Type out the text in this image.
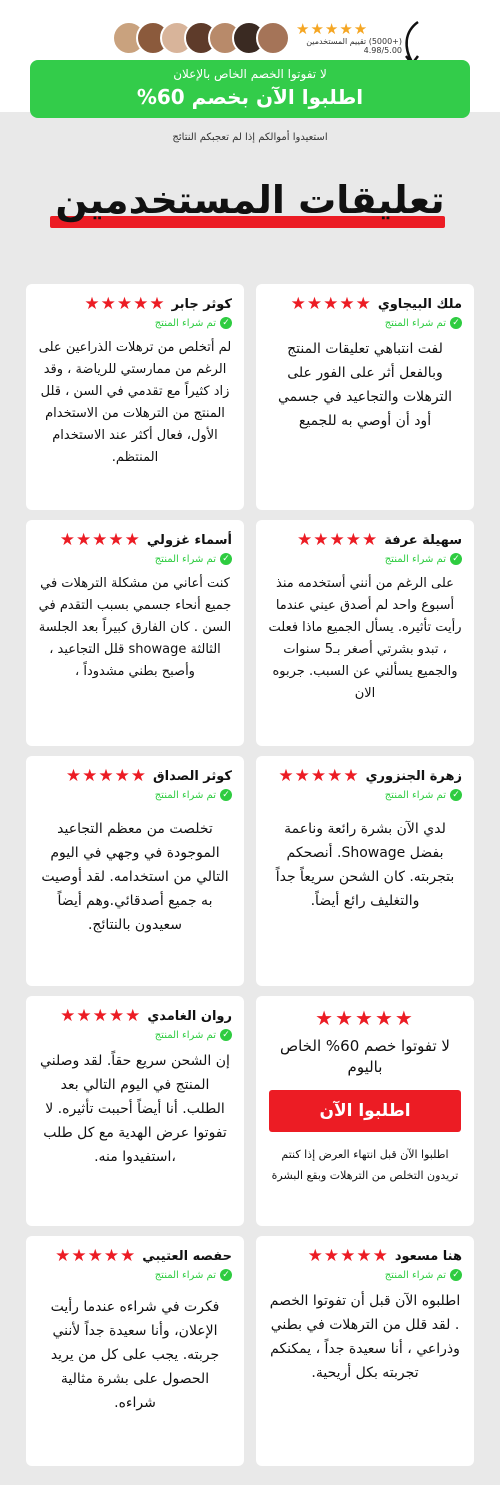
★★★★★
(+5000) تقييم المستخدمين 4.98/5.00
لا تفوتوا الخصم الخاص بالإعلان
اطلبوا الآن بخصم 60%
استعيدوا أموالكم إذا لم تعجبكم النتائج
تعليقات المستخدمين
ملك البيجاوي
★★★★★
✓
تم شراء المنتج
لفت انتباهي تعليقات المنتج وبالفعل أثر على الفور على الترهلات والتجاعيد في جسمي أود أن أوصي به للجميع
كوثر جابر
★★★★★
✓
تم شراء المنتج
لم أتخلص من ترهلات الذراعين على الرغم من ممارستي للرياضة ، وقد زاد كثيراً مع تقدمي في السن ، قلل المنتج من الترهلات من الاستخدام الأول، فعال أكثر عند الاستخدام المنتظم.
سهيلة عرفة
★★★★★
✓
تم شراء المنتج
على الرغم من أنني أستخدمه منذ أسبوع واحد لم أصدق عيني عندما رأيت تأثيره. يسأل الجميع ماذا فعلت ، تبدو بشرتي أصغر بـ5 سنوات والجميع يسألني عن السبب. جربوه الان
أسماء غزولي
★★★★★
✓
تم شراء المنتج
كنت أعاني من مشكلة الترهلات في جميع أنحاء جسمي بسبب التقدم في السن . كان الفارق كبيراً بعد الجلسة الثالثة showage قلل التجاعيد ، وأصبح بطني مشدوداً ،
زهرة الجنزوري
★★★★★
✓
تم شراء المنتج
لدي الآن بشرة رائعة وناعمة بفضل Showage. أنصحكم بتجربته. كان الشحن سريعاً جداً والتغليف رائع أيضاً.
كوثر الصداق
★★★★★
✓
تم شراء المنتج
تخلصت من معظم التجاعيد الموجودة في وجهي في اليوم التالي من استخدامه. لقد أوصيت به جميع أصدقائي.وهم أيضاً سعيدون بالنتائج.
★★★★★
لا تفوتوا خصم 60% الخاص باليوم
اطلبوا الآن
اطلبوا الآن قبل انتهاء العرض إذا كنتم تريدون التخلص من الترهلات وبقع البشرة
روان الغامدي
★★★★★
✓
تم شراء المنتج
إن الشحن سريع حقاً. لقد وصلني المنتج في اليوم التالي بعد الطلب. أنا أيضاً أحببت تأثيره. لا تفوتوا عرض الهدية مع كل طلب ،استفيدوا منه.
هنا مسعود
★★★★★
✓
تم شراء المنتج
اطلبوه الآن قبل أن تفوتوا الخصم . لقد قلل من الترهلات في بطني وذراعي ، أنا سعيدة جداً ، يمكنكم تجربته بكل أريحية.
حفصه العتيبي
★★★★★
✓
تم شراء المنتج
فكرت في شراءه عندما رأيت الإعلان، وأنا سعيدة جداً لأنني جربته. يجب على كل من يريد الحصول على بشرة مثالية شراءه.
